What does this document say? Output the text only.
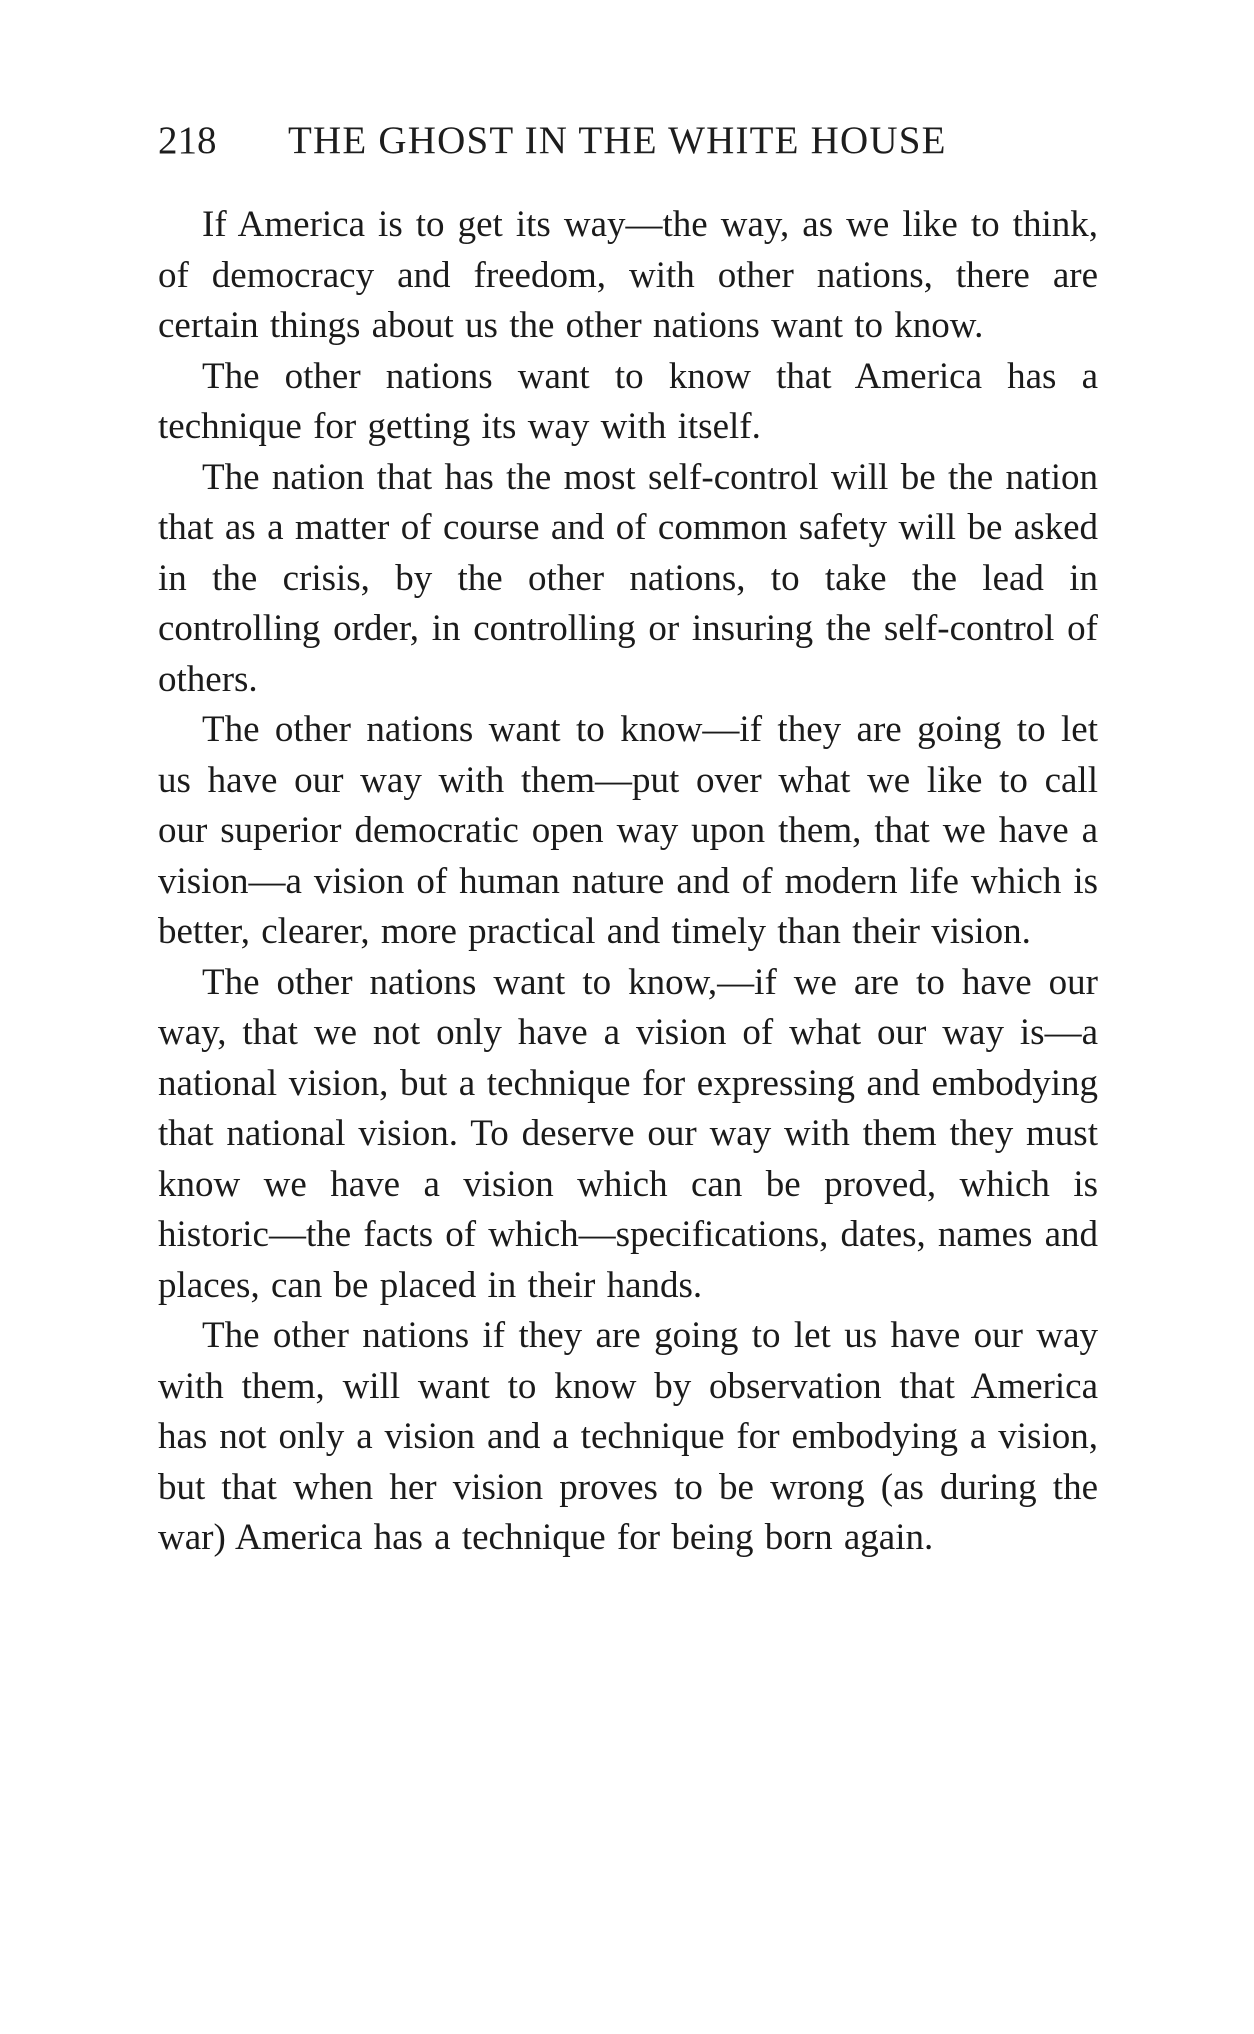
218 THE GHOST IN THE WHITE HOUSE

If America is to get its way—the way, as we like to think, of democracy and freedom, with other nations, there are certain things about us the other nations want to know.

The other nations want to know that America has a technique for getting its way with itself.

The nation that has the most self-control will be the nation that as a matter of course and of common safety will be asked in the crisis, by the other nations, to take the lead in controlling order, in controlling or insuring the self-control of others.

The other nations want to know—if they are going to let us have our way with them—put over what we like to call our superior democratic open way upon them, that we have a vision—a vision of human nature and of modern life which is better, clearer, more practical and timely than their vision.

The other nations want to know,—if we are to have our way, that we not only have a vision of what our way is—a national vision, but a technique for expressing and embodying that national vision. To deserve our way with them they must know we have a vision which can be proved, which is historic—the facts of which—specifications, dates, names and places, can be placed in their hands.

The other nations if they are going to let us have our way with them, will want to know by observation that America has not only a vision and a technique for embodying a vision, but that when her vision proves to be wrong (as during the war) America has a technique for being born again.
